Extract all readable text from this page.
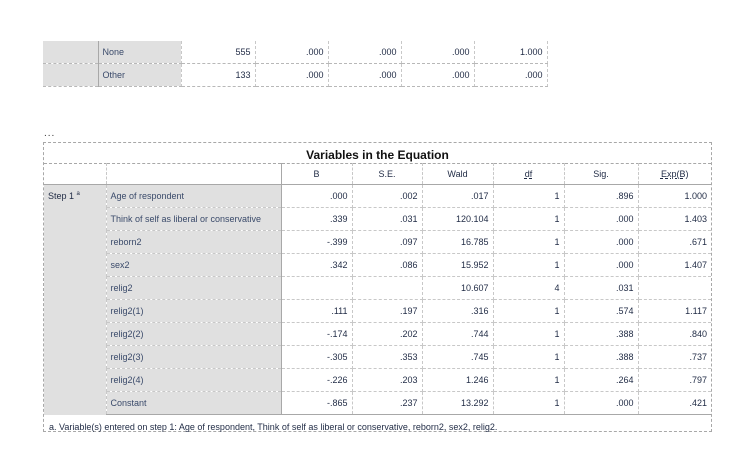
	None	555	.000	.000	.000	1.000
	Other	133	.000	.000	.000	.000
...
Variables in the Equation
		B	S.E.	Wald	df	Sig.	Exp(B)
Step 1 $^a$	Age of respondent	.000	.002	.017	1	.896	1.000
	Think of self as liberal or conservative	.339	.031	120.104	1	.000	1.403
	reborn2	-.399	.097	16.785	1	.000	.671
	sex2	.342	.086	15.952	1	.000	1.407
	relig2			10.607	4	.031	
	relig2(1)	.111	.197	.316	1	.574	1.117
	relig2(2)	-.174	.202	.744	1	.388	.840
	relig2(3)	-.305	.353	.745	1	.388	.737
	relig2(4)	-.226	.203	1.246	1	.264	.797
	Constant	-.865	.237	13.292	1	.000	.421
a. Variable(s) entered on step 1: Age of respondent, Think of self as liberal or conservative, reborn2, sex2, relig2.
